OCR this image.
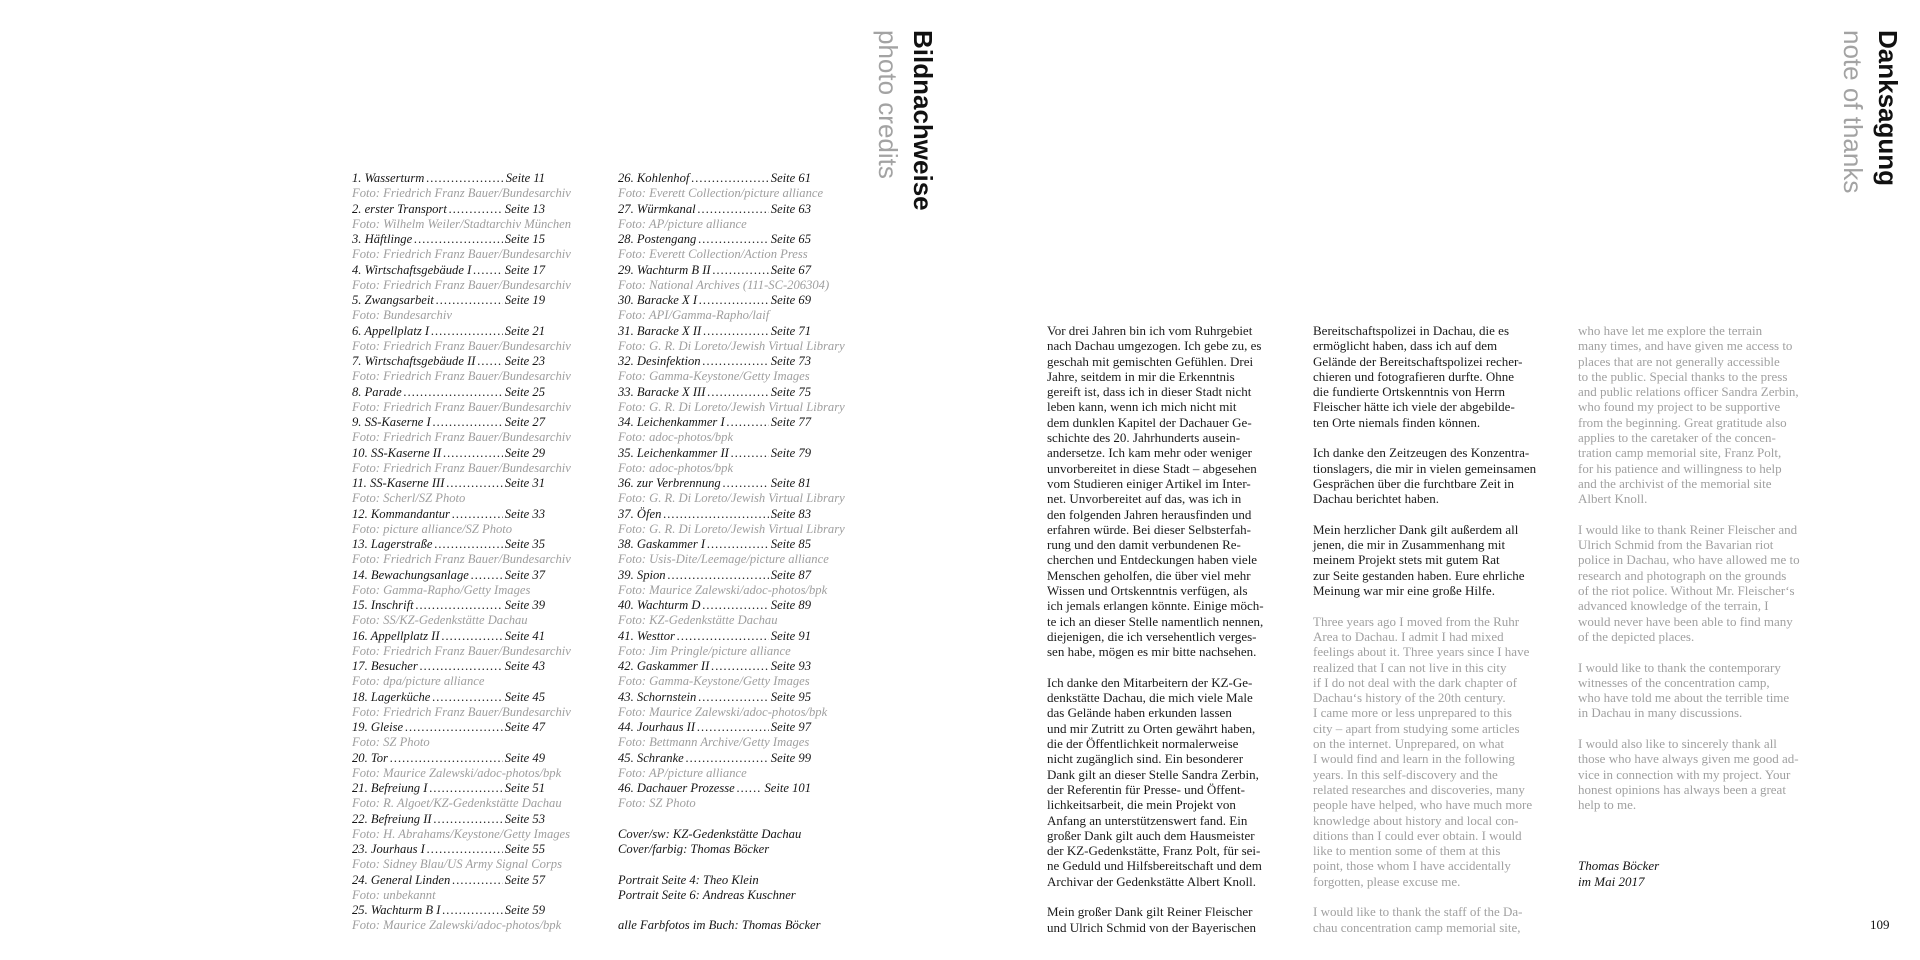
Bildnachweise
photo credits
1. Wasserturm .....	Seite 11
Foto: Friedrich Franz Bauer/Bundesarchiv
2. erster Transport .....	Seite 13
Foto: Wilhelm Weiler/Stadtarchiv München
3. Häftlinge .....	Seite 15
Foto: Friedrich Franz Bauer/Bundesarchiv
4. Wirtschaftsgebäude I .....	Seite 17
Foto: Friedrich Franz Bauer/Bundesarchiv
5. Zwangsarbeit .....	Seite 19
Foto: Bundesarchiv
6. Appellplatz I .....	Seite 21
Foto: Friedrich Franz Bauer/Bundesarchiv
7. Wirtschaftsgebäude II ..... Seite 23
Foto: Friedrich Franz Bauer/Bundesarchiv
8. Parade .....	Seite 25
Foto: Friedrich Franz Bauer/Bundesarchiv
9. SS-Kaserne I .....	Seite 27
Foto: Friedrich Franz Bauer/Bundesarchiv
10. SS-Kaserne II .....	Seite 29
Foto: Friedrich Franz Bauer/Bundesarchiv
11. SS-Kaserne III .....	Seite 31
Foto: Scherl/SZ Photo
12. Kommandantur .....	Seite 33
Foto: picture alliance/SZ Photo
13. Lagerstraße .....	Seite 35
Foto: Friedrich Franz Bauer/Bundesarchiv
14. Bewachungsanlage .....	Seite 37
Foto: Gamma-Rapho/Getty Images
15. Inschrift .....	Seite 39
Foto: SS/KZ-Gedenkstätte Dachau
16. Appellplatz II .....	Seite 41
Foto: Friedrich Franz Bauer/Bundesarchiv
17. Besucher .....	Seite 43
Foto: dpa/picture alliance
18. Lagerküche .....	Seite 45
Foto: Friedrich Franz Bauer/Bundesarchiv
19. Gleise .....	Seite 47
Foto: SZ Photo
20. Tor .....	Seite 49
Foto: Maurice Zalewski/adoc-photos/bpk
21. Befreiung I .....	Seite 51
Foto: R. Algoet/KZ-Gedenkstätte Dachau
22. Befreiung II .....	Seite 53
Foto: H. Abrahams/Keystone/Getty Images
23. Jourhaus I .....	Seite 55
Foto: Sidney Blau/US Army Signal Corps
24. General Linden .....	Seite 57
Foto: unbekannt
25. Wachturm B I .....	Seite 59
Foto: Maurice Zalewski/adoc-photos/bpk
26. Kohlenhof .....	Seite 61
Foto: Everett Collection/picture alliance
27. Würmkanal .....	Seite 63
Foto: AP/picture alliance
28. Postengang .....	Seite 65
Foto: Everett Collection/Action Press
29. Wachturm B II .....	Seite 67
Foto: National Archives (111-SC-206304)
30. Baracke X I .....	Seite 69
Foto: API/Gamma-Rapho/laif
31. Baracke X II .....	Seite 71
Foto: G. R. Di Loreto/Jewish Virtual Library
32. Desinfektion .....	Seite 73
Foto: Gamma-Keystone/Getty Images
33. Baracke X III .....	Seite 75
Foto: G. R. Di Loreto/Jewish Virtual Library
34. Leichenkammer I .....	Seite 77
Foto: adoc-photos/bpk
35. Leichenkammer II .....	Seite 79
Foto: adoc-photos/bpk
36. zur Verbrennung .....	Seite 81
Foto: G. R. Di Loreto/Jewish Virtual Library
37. Öfen .....	Seite 83
Foto: G. R. Di Loreto/Jewish Virtual Library
38. Gaskammer I .....	Seite 85
Foto: Usis-Dite/Leemage/picture alliance
39. Spion .....	Seite 87
Foto: Maurice Zalewski/adoc-photos/bpk
40. Wachturm D .....	Seite 89
Foto: KZ-Gedenkstätte Dachau
41. Westtor .....	Seite 91
Foto: Jim Pringle/picture alliance
42. Gaskammer II .....	Seite 93
Foto: Gamma-Keystone/Getty Images
43. Schornstein .....	Seite 95
Foto: Maurice Zalewski/adoc-photos/bpk
44. Jourhaus II .....	Seite 97
Foto: Bettmann Archive/Getty Images
45. Schranke .....	Seite 99
Foto: AP/picture alliance
46. Dachauer Prozesse ..... Seite 101
Foto: SZ Photo
Cover/sw: KZ-Gedenkstätte Dachau
Cover/farbig: Thomas Böcker
Portrait Seite 4: Theo Klein
Portrait Seite 6: Andreas Kuschner
alle Farbfotos im Buch: Thomas Böcker
Danksagung
note of thanks
Vor drei Jahren bin ich vom Ruhrgebiet
nach Dachau umgezogen. Ich gebe zu, es
geschah mit gemischten Gefühlen. Drei
Jahre, seitdem in mir die Erkenntnis
gereift ist, dass ich in dieser Stadt nicht
leben kann, wenn ich mich nicht mit
dem dunklen Kapitel der Dachauer Ge-
schichte des 20. Jahrhunderts ausein-
andersetze. Ich kam mehr oder weniger
unvorbereitet in diese Stadt – abgesehen
vom Studieren einiger Artikel im Inter-
net. Unvorbereitet auf das, was ich in
den folgenden Jahren herausfinden und
erfahren würde. Bei dieser Selbsterfah-
rung und den damit verbundenen Re-
cherchen und Entdeckungen haben viele
Menschen geholfen, die über viel mehr
Wissen und Ortskenntnis verfügen, als
ich jemals erlangen könnte. Einige möch-
te ich an dieser Stelle namentlich nennen,
diejenigen, die ich versehentlich verges-
sen habe, mögen es mir bitte nachsehen.
Ich danke den Mitarbeitern der KZ-Ge-
denkstätte Dachau, die mich viele Male
das Gelände haben erkunden lassen
und mir Zutritt zu Orten gewährt haben,
die der Öffentlichkeit normalerweise
nicht zugänglich sind. Ein besonderer
Dank gilt an dieser Stelle Sandra Zerbin,
der Referentin für Presse- und Öffent-
lichkeitsarbeit, die mein Projekt von
Anfang an unterstützenswert fand. Ein
großer Dank gilt auch dem Hausmeister
der KZ-Gedenkstätte, Franz Polt, für sei-
ne Geduld und Hilfsbereitschaft und dem
Archivar der Gedenkstätte Albert Knoll.
Mein großer Dank gilt Reiner Fleischer
und Ulrich Schmid von der Bayerischen
Bereitschaftspolizei in Dachau, die es
ermöglicht haben, dass ich auf dem
Gelände der Bereitschaftspolizei recher-
chieren und fotografieren durfte. Ohne
die fundierte Ortskenntnis von Herrn
Fleischer hätte ich viele der abgebilde-
ten Orte niemals finden können.
Ich danke den Zeitzeugen des Konzentra-
tionslagers, die mir in vielen gemeinsamen
Gesprächen über die furchtbare Zeit in
Dachau berichtet haben.
Mein herzlicher Dank gilt außerdem all
jenen, die mir in Zusammenhang mit
meinem Projekt stets mit gutem Rat
zur Seite gestanden haben. Eure ehrliche
Meinung war mir eine große Hilfe.
Three years ago I moved from the Ruhr
Area to Dachau. I admit I had mixed
feelings about it. Three years since I have
realized that I can not live in this city
if I do not deal with the dark chapter of
Dachau‘s history of the 20th century.
I came more or less unprepared to this
city – apart from studying some articles
on the internet. Unprepared, on what
I would find and learn in the following
years. In this self-discovery and the
related researches and discoveries, many
people have helped, who have much more
knowledge about history and local con-
ditions than I could ever obtain. I would
like to mention some of them at this
point, those whom I have accidentally
forgotten, please excuse me.
I would like to thank the staff of the Da-
chau concentration camp memorial site,
who have let me explore the terrain
many times, and have given me access to
places that are not generally accessible
to the public. Special thanks to the press
and public relations officer Sandra Zerbin,
who found my project to be supportive
from the beginning. Great gratitude also
applies to the caretaker of the concen-
tration camp memorial site, Franz Polt,
for his patience and willingness to help
and the archivist of the memorial site
Albert Knoll.
I would like to thank Reiner Fleischer and
Ulrich Schmid from the Bavarian riot
police in Dachau, who have allowed me to
research and photograph on the grounds
of the riot police. Without Mr. Fleischer‘s
advanced knowledge of the terrain, I
would never have been able to find many
of the depicted places.
I would like to thank the contemporary
witnesses of the concentration camp,
who have told me about the terrible time
in Dachau in many discussions.
I would also like to sincerely thank all
those who have always given me good ad-
vice in connection with my project. Your
honest opinions has always been a great
help to me.
Thomas Böcker
im Mai 2017
109
